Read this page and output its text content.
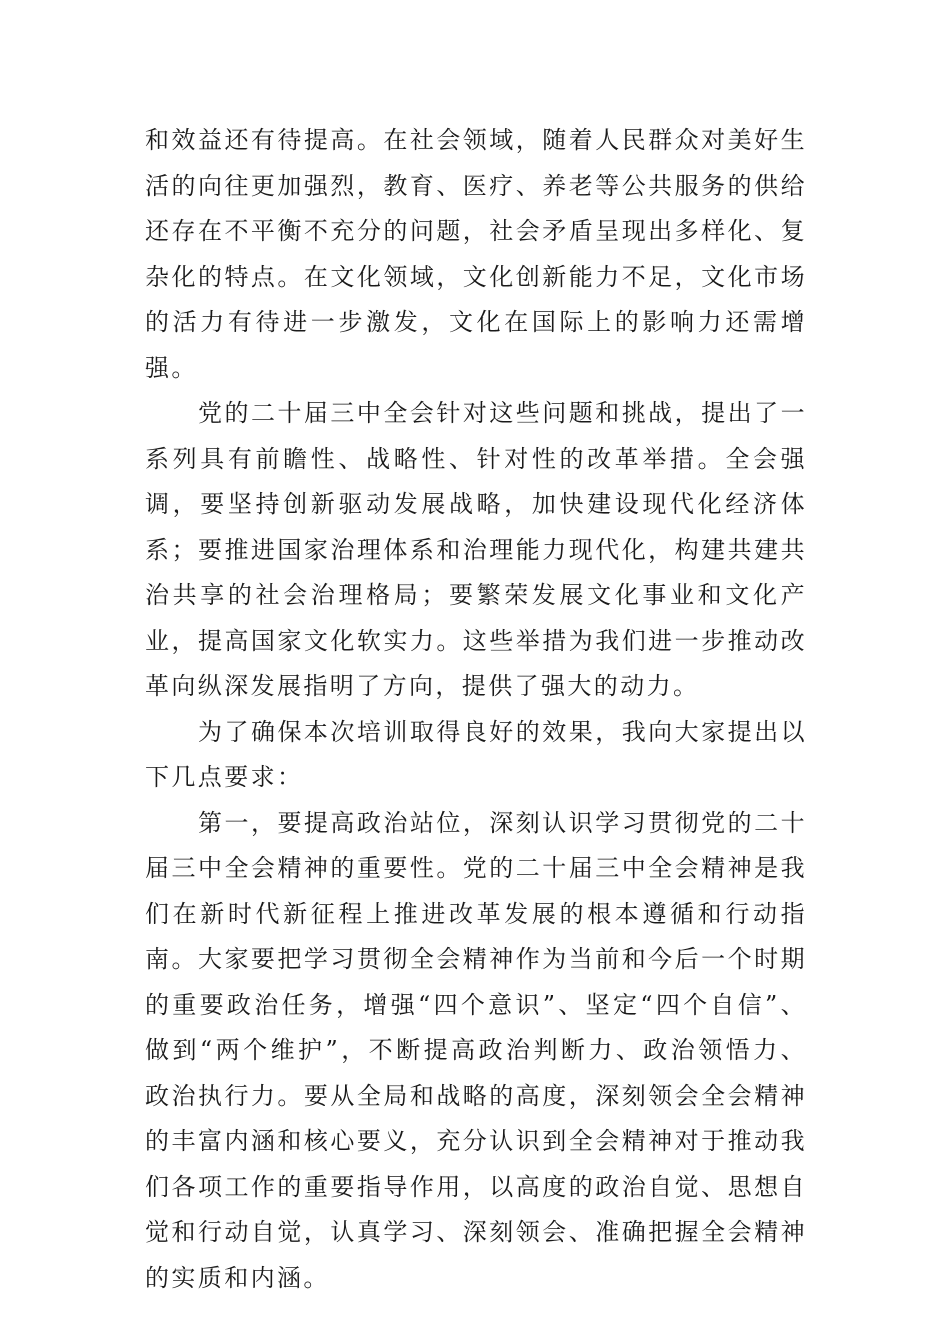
和效益还有待提高。在社会领域，随着人民群众对美好生活的向往更加强烈，教育、医疗、养老等公共服务的供给还存在不平衡不充分的问题，社会矛盾呈现出多样化、复杂化的特点。在文化领域，文化创新能力不足，文化市场的活力有待进一步激发，文化在国际上的影响力还需增强。

党的二十届三中全会针对这些问题和挑战，提出了一系列具有前瞻性、战略性、针对性的改革举措。全会强调，要坚持创新驱动发展战略，加快建设现代化经济体系；要推进国家治理体系和治理能力现代化，构建共建共治共享的社会治理格局；要繁荣发展文化事业和文化产业，提高国家文化软实力。这些举措为我们进一步推动改革向纵深发展指明了方向，提供了强大的动力。

为了确保本次培训取得良好的效果，我向大家提出以下几点要求：

第一，要提高政治站位，深刻认识学习贯彻党的二十届三中全会精神的重要性。党的二十届三中全会精神是我们在新时代新征程上推进改革发展的根本遵循和行动指南。大家要把学习贯彻全会精神作为当前和今后一个时期的重要政治任务，增强“四个意识”、坚定“四个自信”、做到“两个维护”，不断提高政治判断力、政治领悟力、政治执行力。要从全局和战略的高度，深刻领会全会精神的丰富内涵和核心要义，充分认识到全会精神对于推动我们各项工作的重要指导作用，以高度的政治自觉、思想自觉和行动自觉，认真学习、深刻领会、准确把握全会精神的实质和内涵。
